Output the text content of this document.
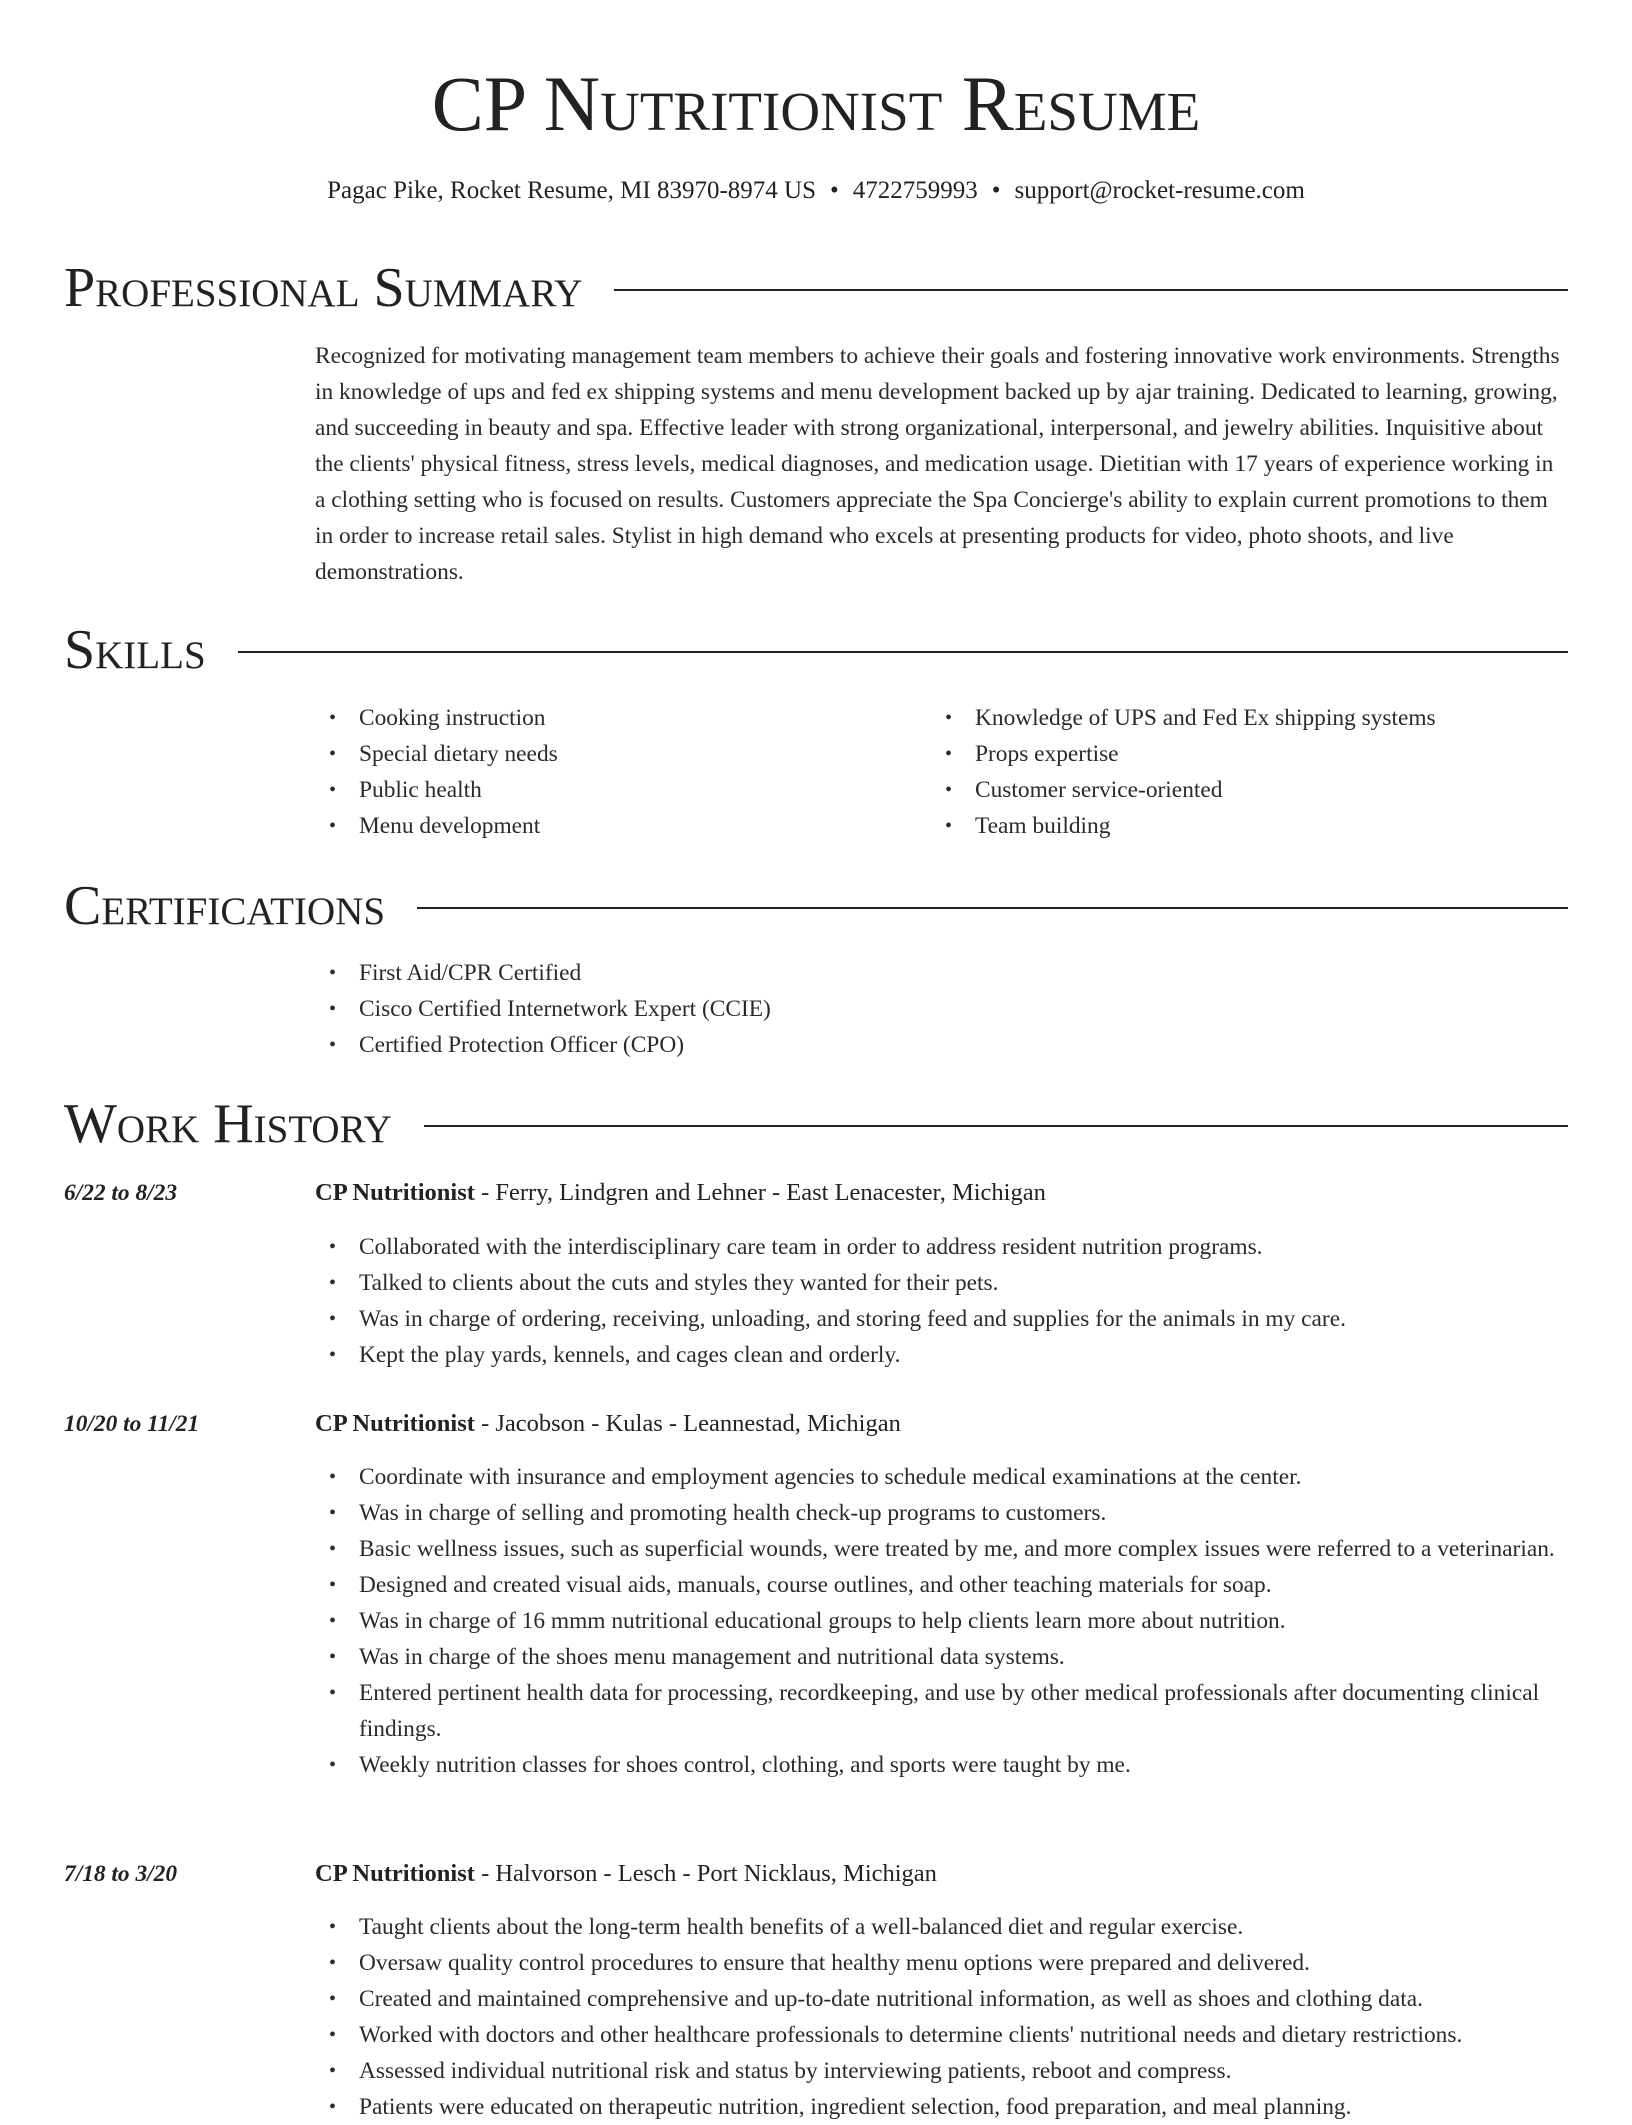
CP Nutritionist Resume
Pagac Pike, Rocket Resume, MI 83970-8974 US • 4722759993 • support@rocket-resume.com
Professional Summary

Recognized for motivating management team members to achieve their goals and fostering innovative work environments. Strengths in knowledge of ups and fed ex shipping systems and menu development backed up by ajar training. Dedicated to learning, growing, and succeeding in beauty and spa. Effective leader with strong organizational, interpersonal, and jewelry abilities. Inquisitive about the clients' physical fitness, stress levels, medical diagnoses, and medication usage. Dietitian with 17 years of experience working in a clothing setting who is focused on results. Customers appreciate the Spa Concierge's ability to explain current promotions to them in order to increase retail sales. Stylist in high demand who excels at presenting products for video, photo shoots, and live demonstrations.

Skills
• Cooking instruction
• Special dietary needs
• Public health
• Menu development
• Knowledge of UPS and Fed Ex shipping systems
• Props expertise
• Customer service-oriented
• Team building
Certifications
• First Aid/CPR Certified
• Cisco Certified Internetwork Expert (CCIE)
• Certified Protection Officer (CPO)
Work History
6/22 to 8/23	CP Nutritionist - Ferry, Lindgren and Lehner - East Lenacester, Michigan
• Collaborated with the interdisciplinary care team in order to address resident nutrition programs.
• Talked to clients about the cuts and styles they wanted for their pets.
• Was in charge of ordering, receiving, unloading, and storing feed and supplies for the animals in my care.
• Kept the play yards, kennels, and cages clean and orderly.
10/20 to 11/21	CP Nutritionist - Jacobson - Kulas - Leannestad, Michigan
• Coordinate with insurance and employment agencies to schedule medical examinations at the center.
• Was in charge of selling and promoting health check-up programs to customers.
• Basic wellness issues, such as superficial wounds, were treated by me, and more complex issues were referred to a veterinarian.
• Designed and created visual aids, manuals, course outlines, and other teaching materials for soap.
• Was in charge of 16 mmm nutritional educational groups to help clients learn more about nutrition.
• Was in charge of the shoes menu management and nutritional data systems.
• Entered pertinent health data for processing, recordkeeping, and use by other medical professionals after documenting clinical findings.
• Weekly nutrition classes for shoes control, clothing, and sports were taught by me.
7/18 to 3/20	CP Nutritionist - Halvorson - Lesch - Port Nicklaus, Michigan
• Taught clients about the long-term health benefits of a well-balanced diet and regular exercise.
• Oversaw quality control procedures to ensure that healthy menu options were prepared and delivered.
• Created and maintained comprehensive and up-to-date nutritional information, as well as shoes and clothing data.
• Worked with doctors and other healthcare professionals to determine clients' nutritional needs and dietary restrictions.
• Assessed individual nutritional risk and status by interviewing patients, reboot and compress.
• Patients were educated on therapeutic nutrition, ingredient selection, food preparation, and meal planning.
